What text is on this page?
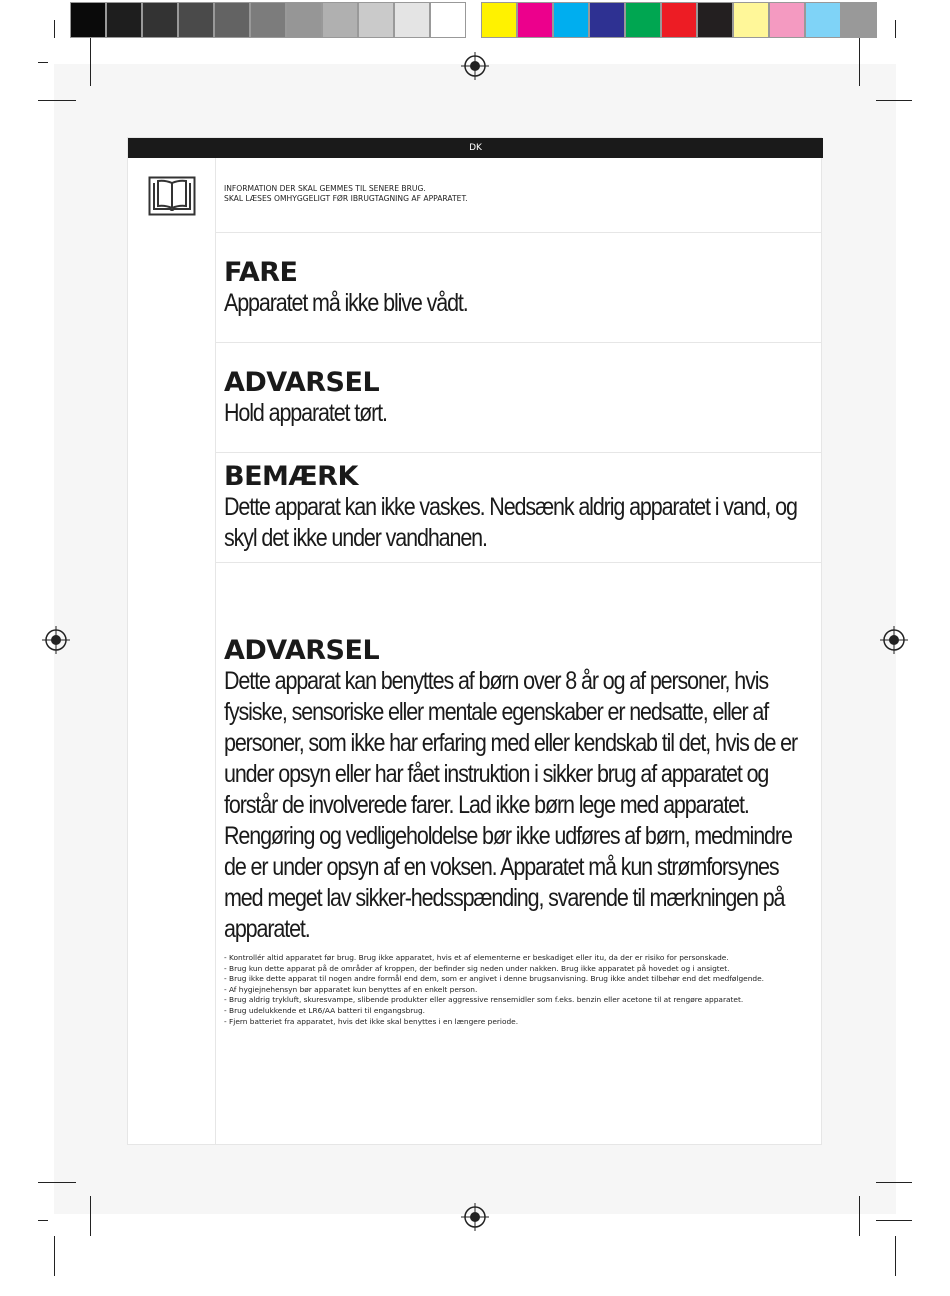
DK
INFORMATION DER SKAL GEMMES TIL SENERE BRUG.
SKAL LÆSES OMHYGGELIGT FØR IBRUGTAGNING AF APPARATET.
FARE
Apparatet må ikke blive vådt.
ADVARSEL
Hold apparatet tørt.
BEMÆRK
Dette apparat kan ikke vaskes. Nedsænk aldrig apparatet i vand, og skyl det ikke under vandhanen.
ADVARSEL
Dette apparat kan benyttes af børn over 8 år og af personer, hvis fysiske, sensoriske eller mentale egenskaber er nedsatte, eller af personer, som ikke har erfaring med eller kendskab til det, hvis de er under opsyn eller har fået instruktion i sikker brug af apparatet og forstår de involverede farer. Lad ikke børn lege med apparatet. Rengøring og vedligeholdelse bør ikke udføres af børn, medmindre de er under opsyn af en voksen. Apparatet må kun strømforsynes med meget lav sikker-hedsspænding, svarende til mærkningen på apparatet.

- Kontrollér altid apparatet før brug. Brug ikke apparatet, hvis et af elementerne er beskadiget eller itu, da der er risiko for personskade.

- Brug kun dette apparat på de områder af kroppen, der befinder sig neden under nakken. Brug ikke apparatet på hovedet og i ansigtet.

- Brug ikke dette apparat til nogen andre formål end dem, som er angivet i denne brugsanvisning. Brug ikke andet tilbehør end det medfølgende.

- Af hygiejnehensyn bør apparatet kun benyttes af en enkelt person.

- Brug aldrig trykluft, skuresvampe, slibende produkter eller aggressive rensemidler som f.eks. benzin eller acetone til at rengøre apparatet.

- Brug udelukkende et LR6/AA batteri til engangsbrug.

- Fjern batteriet fra apparatet, hvis det ikke skal benyttes i en længere periode.
